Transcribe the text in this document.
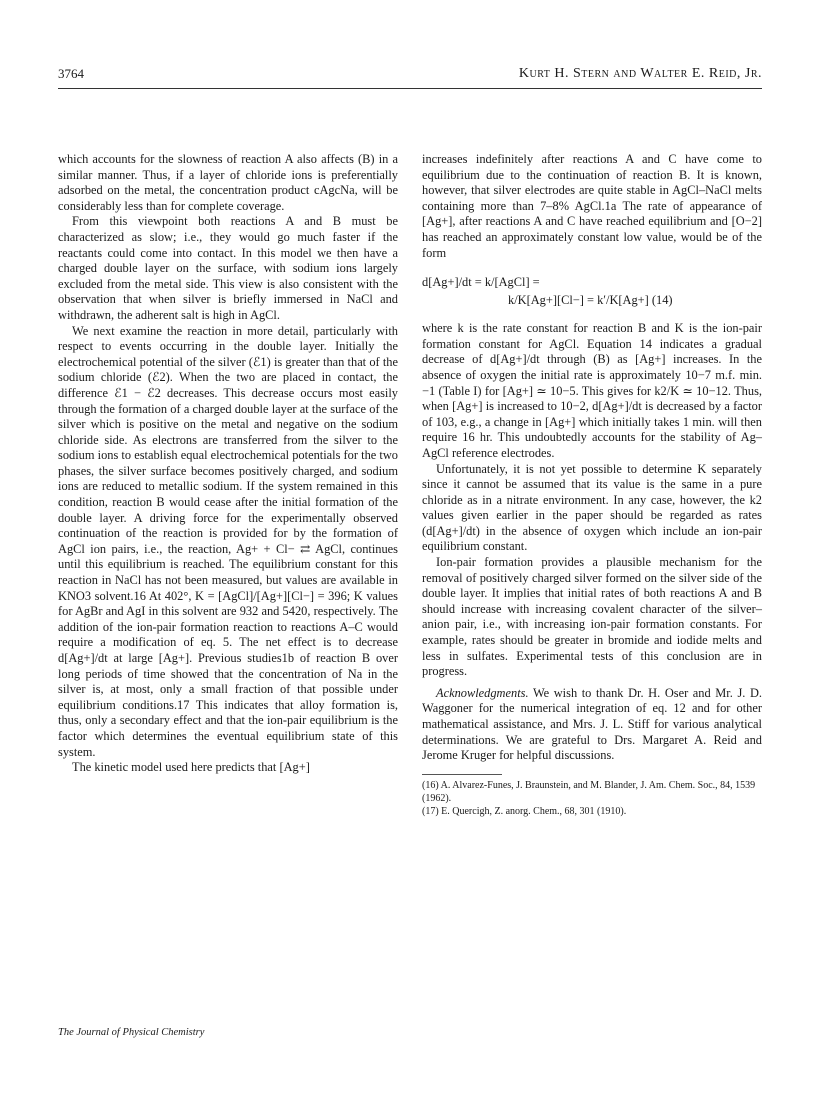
3764	Kurt H. Stern and Walter E. Reid, Jr.

which accounts for the slowness of reaction A also affects (B) in a similar manner. Thus, if a layer of chloride ions is preferentially adsorbed on the metal, the concentration product cAgcNa, will be considerably less than for complete coverage.

From this viewpoint both reactions A and B must be characterized as slow; i.e., they would go much faster if the reactants could come into contact. In this model we then have a charged double layer on the surface, with sodium ions largely excluded from the metal side. This view is also consistent with the observation that when silver is briefly immersed in NaCl and withdrawn, the adherent salt is high in AgCl.

We next examine the reaction in more detail, particularly with respect to events occurring in the double layer. Initially the electrochemical potential of the silver (ℰ1) is greater than that of the sodium chloride (ℰ2). When the two are placed in contact, the difference ℰ1 − ℰ2 decreases. This decrease occurs most easily through the formation of a charged double layer at the surface of the silver which is positive on the metal and negative on the sodium chloride side. As electrons are transferred from the silver to the sodium ions to establish equal electrochemical potentials for the two phases, the silver surface becomes positively charged, and sodium ions are reduced to metallic sodium. If the system remained in this condition, reaction B would cease after the initial formation of the double layer. A driving force for the experimentally observed continuation of the reaction is provided for by the formation of AgCl ion pairs, i.e., the reaction, Ag+ + Cl− ⇄ AgCl, continues until this equilibrium is reached. The equilibrium constant for this reaction in NaCl has not been measured, but values are available in KNO3 solvent.16 At 402°, K = [AgCl]/[Ag+][Cl−] = 396; K values for AgBr and AgI in this solvent are 932 and 5420, respectively. The addition of the ion-pair formation reaction to reactions A–C would require a modification of eq. 5. The net effect is to decrease d[Ag+]/dt at large [Ag+]. Previous studies1b of reaction B over long periods of time showed that the concentration of Na in the silver is, at most, only a small fraction of that possible under equilibrium conditions.17 This indicates that alloy formation is, thus, only a secondary effect and that the ion-pair equilibrium is the factor which determines the eventual equilibrium state of this system.

The kinetic model used here predicts that [Ag+]

increases indefinitely after reactions A and C have come to equilibrium due to the continuation of reaction B. It is known, however, that silver electrodes are quite stable in AgCl–NaCl melts containing more than 7–8% AgCl.1a The rate of appearance of [Ag+], after reactions A and C have reached equilibrium and [O−2] has reached an approximately constant low value, would be of the form

d[Ag+]/dt = k/[AgCl] =
k/K[Ag+][Cl−] = k′/K[Ag+] (14)

where k is the rate constant for reaction B and K is the ion-pair formation constant for AgCl. Equation 14 indicates a gradual decrease of d[Ag+]/dt through (B) as [Ag+] increases. In the absence of oxygen the initial rate is approximately 10−7 m.f. min.−1 (Table I) for [Ag+] ≃ 10−5. This gives for k2/K ≃ 10−12. Thus, when [Ag+] is increased to 10−2, d[Ag+]/dt is decreased by a factor of 103, e.g., a change in [Ag+] which initially takes 1 min. will then require 16 hr. This undoubtedly accounts for the stability of Ag–AgCl reference electrodes.

Unfortunately, it is not yet possible to determine K separately since it cannot be assumed that its value is the same in a pure chloride as in a nitrate environment. In any case, however, the k2 values given earlier in the paper should be regarded as rates (d[Ag+]/dt) in the absence of oxygen which include an ion-pair equilibrium constant.

Ion-pair formation provides a plausible mechanism for the removal of positively charged silver formed on the silver side of the double layer. It implies that initial rates of both reactions A and B should increase with increasing covalent character of the silver–anion pair, i.e., with increasing ion-pair formation constants. For example, rates should be greater in bromide and iodide melts and less in sulfates. Experimental tests of this conclusion are in progress.

Acknowledgments. We wish to thank Dr. H. Oser and Mr. J. D. Waggoner for the numerical integration of eq. 12 and for other mathematical assistance, and Mrs. J. L. Stiff for various analytical determinations. We are grateful to Drs. Margaret A. Reid and Jerome Kruger for helpful discussions.

(16) A. Alvarez-Funes, J. Braunstein, and M. Blander, J. Am. Chem. Soc., 84, 1539 (1962).
(17) E. Quercigh, Z. anorg. Chem., 68, 301 (1910).
The Journal of Physical Chemistry
